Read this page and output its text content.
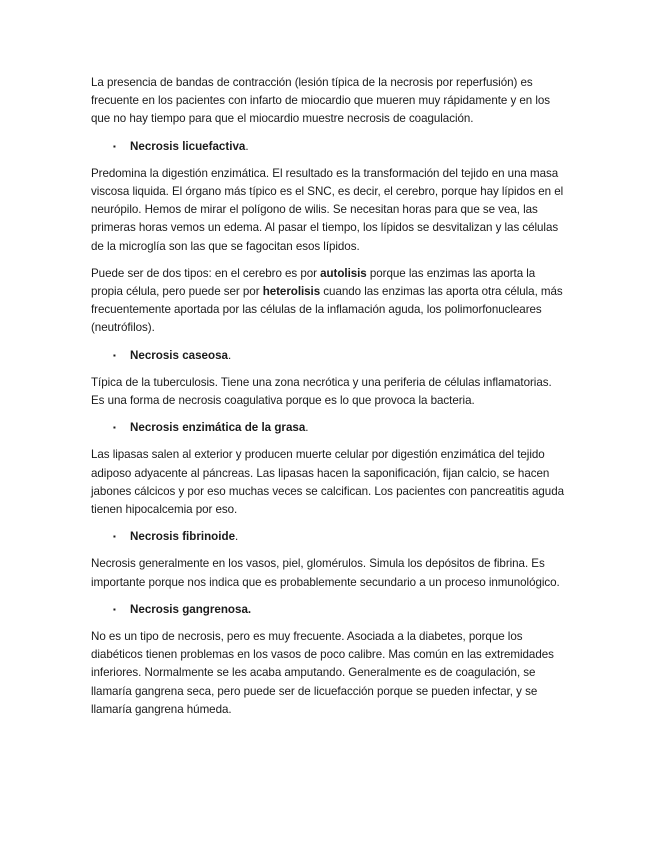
La presencia de bandas de contracción (lesión típica de la necrosis por reperfusión) es frecuente en los pacientes con infarto de miocardio que mueren muy rápidamente y en los que no hay tiempo para que el miocardio muestre necrosis de coagulación.

▪ Necrosis licuefactiva.

Predomina la digestión enzimática. El resultado es la transformación del tejido en una masa viscosa liquida. El órgano más típico es el SNC, es decir, el cerebro, porque hay lípidos en el neurópilo. Hemos de mirar el polígono de wilis. Se necesitan horas para que se vea, las primeras horas vemos un edema. Al pasar el tiempo, los lípidos se desvitalizan y las células de la microglía son las que se fagocitan esos lípidos.

Puede ser de dos tipos: en el cerebro es por autolisis porque las enzimas las aporta la propia célula, pero puede ser por heterolisis cuando las enzimas las aporta otra célula, más frecuentemente aportada por las células de la inflamación aguda, los polimorfonucleares (neutrófilos).

▪ Necrosis caseosa.

Típica de la tuberculosis. Tiene una zona necrótica y una periferia de células inflamatorias. Es una forma de necrosis coagulativa porque es lo que provoca la bacteria.

▪ Necrosis enzimática de la grasa.

Las lipasas salen al exterior y producen muerte celular por digestión enzimática del tejido adiposo adyacente al páncreas. Las lipasas hacen la saponificación, fijan calcio, se hacen jabones cálcicos y por eso muchas veces se calcifican. Los pacientes con pancreatitis aguda tienen hipocalcemia por eso.

▪ Necrosis fibrinoide.

Necrosis generalmente en los vasos, piel, glomérulos. Simula los depósitos de fibrina. Es importante porque nos indica que es probablemente secundario a un proceso inmunológico.

▪ Necrosis gangrenosa.

No es un tipo de necrosis, pero es muy frecuente. Asociada a la diabetes, porque los diabéticos tienen problemas en los vasos de poco calibre. Mas común en las extremidades inferiores. Normalmente se les acaba amputando. Generalmente es de coagulación, se llamaría gangrena seca, pero puede ser de licuefacción porque se pueden infectar, y se llamaría gangrena húmeda.
